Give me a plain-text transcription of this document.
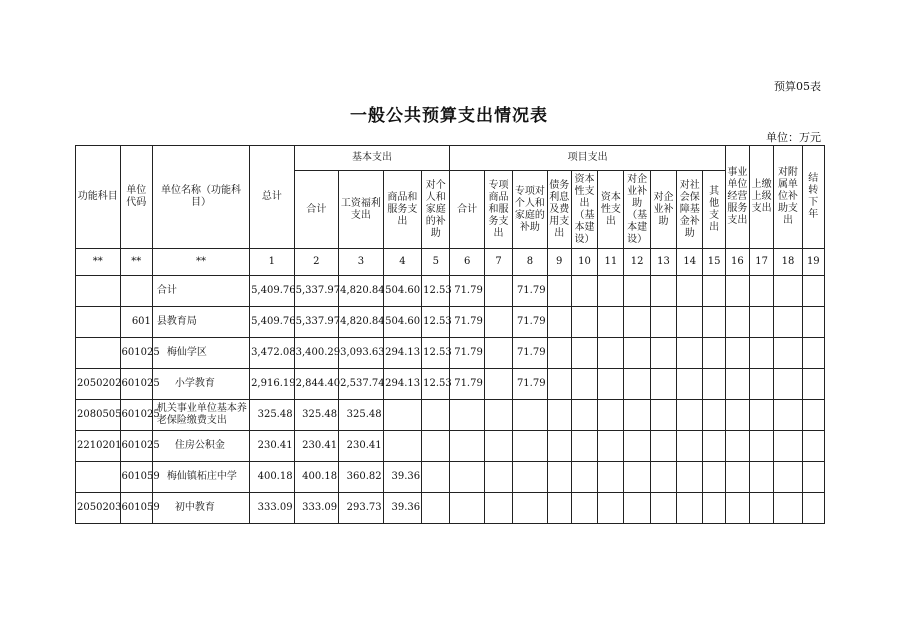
预算05表
一般公共预算支出情况表
单位：万元
功能科目	单位代码	单位名称（功能科目）	总计	基本支出				项目支出										事业单位经营服务支出	上缴上级支出	对附属单位补助支出	结转下年
				合计	工资福利支出	商品和服务支出	对个人和家庭的补助	合计	专项商品和服务支出	专项对个人和家庭的补助	债务利息及费用支出	资本性支出（基本建设）	资本性支出	对企业补助（基本建设）	对企业补助	对社会保障基金补助	其他支出				
**	**	**	1	2	3	4	5	6	7	8	9	10	11	12	13	14	15	16	17	18	19
		合计	5,409.76	5,337.97	4,820.84	504.60	12.53	71.79		71.79											
	601	县教育局	5,409.76	5,337.97	4,820.84	504.60	12.53	71.79		71.79											
	601025	梅仙学区	3,472.08	3,400.29	3,093.63	294.13	12.53	71.79		71.79											
2050202	601025	小学教育	2,916.19	2,844.40	2,537.74	294.13	12.53	71.79		71.79											
2080505	601025	机关事业单位基本养老保险缴费支出	325.48	325.48	325.48																
2210201	601025	住房公积金	230.41	230.41	230.41																
	601059	梅仙镇柘庄中学	400.18	400.18	360.82	39.36															
2050203	601059	初中教育	333.09	333.09	293.73	39.36															
